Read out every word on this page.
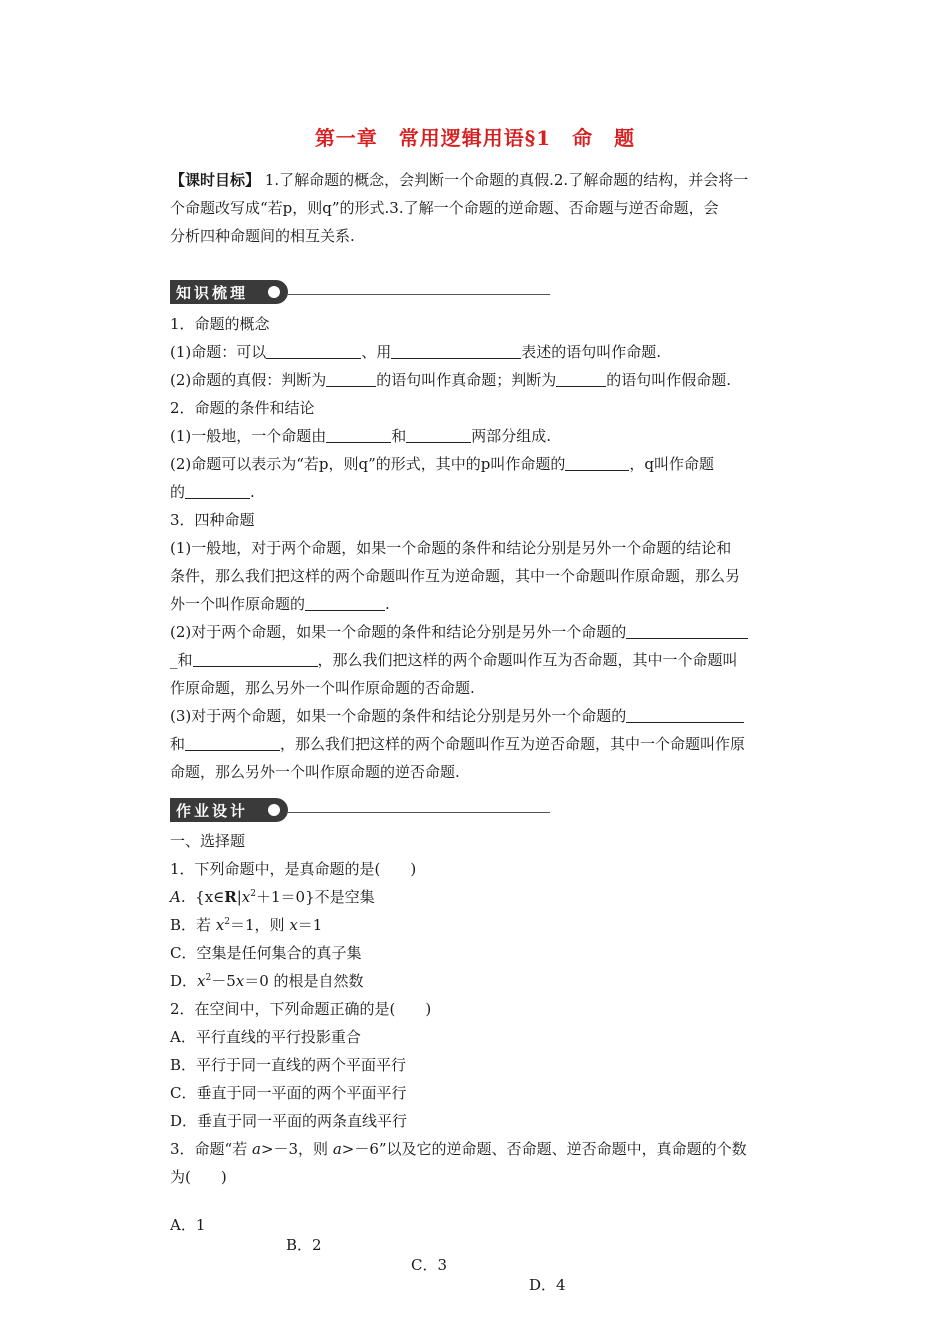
第一章　常用逻辑用语§1　命　题
【课时目标】 1.了解命题的概念，会判断一个命题的真假.2.了解命题的结构，并会将一
个命题改写成“若p，则q”的形式.3.了解一个命题的逆命题、否命题与逆否命题，会
分析四种命题间的相互关系.
知识梳理
1．命题的概念
(1)命题：可以	、用	表述的语句叫作命题.
(2)命题的真假：判断为	的语句叫作真命题；判断为	的语句叫作假命题.
2．命题的条件和结论
(1)一般地，一个命题由	和	两部分组成.
(2)命题可以表示为“若p，则q”的形式，其中的p叫作命题的	，q叫作命题
的	.
3．四种命题
(1)一般地，对于两个命题，如果一个命题的条件和结论分别是另外一个命题的结论和
条件，那么我们把这样的两个命题叫作互为逆命题，其中一个命题叫作原命题，那么另
外一个叫作原命题的	.
(2)对于两个命题，如果一个命题的条件和结论分别是另外一个命题的
_和	，那么我们把这样的两个命题叫作互为否命题，其中一个命题叫
作原命题，那么另外一个叫作原命题的否命题.
(3)对于两个命题，如果一个命题的条件和结论分别是另外一个命题的
和	，那么我们把这样的两个命题叫作互为逆否命题，其中一个命题叫作原
命题，那么另外一个叫作原命题的逆否命题.
作业设计
一、选择题
1．下列命题中，是真命题的是(　　)
A. $\{x\in R|x^2+1=0\}$不是空集
B．若 $x^2=1$，则 x＝1
C．空集是任何集合的真子集
D．$x^2-5x=0$ 的根是自然数
2．在空间中，下列命题正确的是(　　)
A．平行直线的平行投影重合
B．平行于同一直线的两个平面平行
C．垂直于同一平面的两个平面平行
D．垂直于同一平面的两条直线平行
3．命题“若 a>－3，则 a>－6”以及它的逆命题、否命题、逆否命题中，真命题的个数
为(　　)

A．1

B．2

C．3

D．4
